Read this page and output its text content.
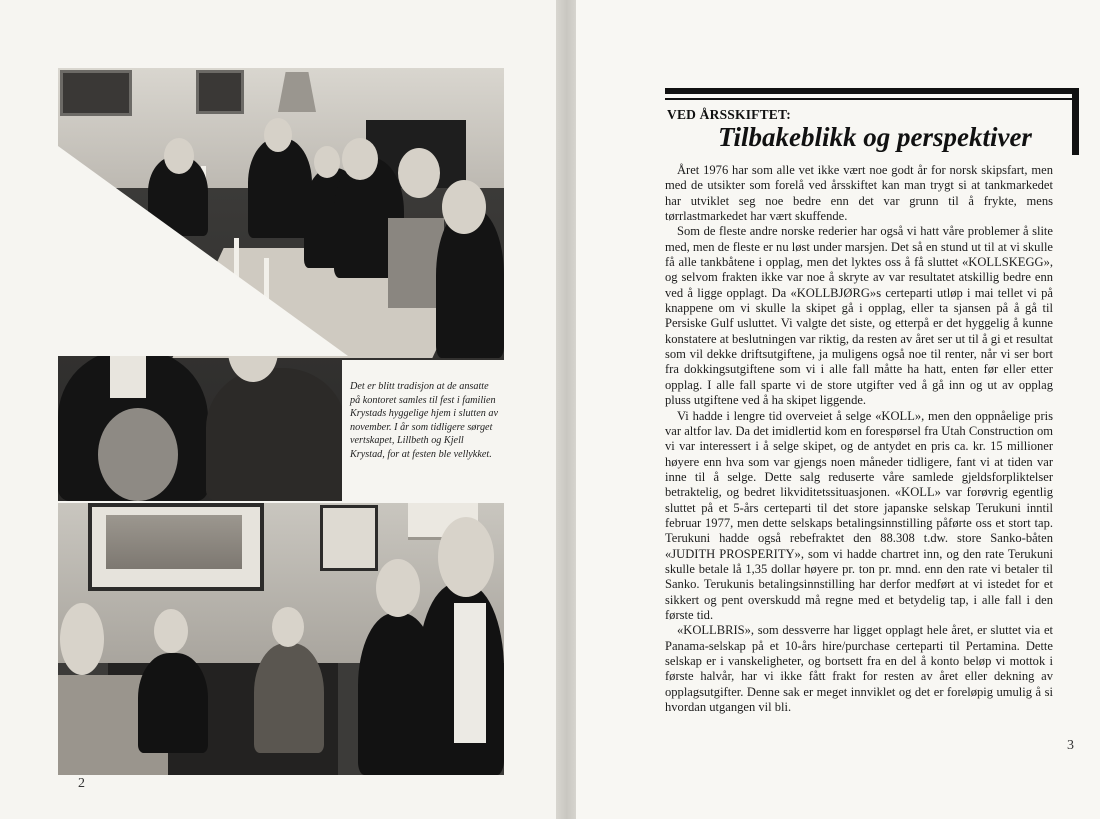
Det er blitt tradisjon at de ansatte på kontoret samles til fest i familien Krystads hyggelige hjem i slutten av november. I år som tidligere sørget vertskapet, Lillbeth og Kjell Krystad, for at festen ble vellykket.
2
VED ÅRSSKIFTET:
Tilbakeblikk og perspektiver

Året 1976 har som alle vet ikke vært noe godt år for norsk skipsfart, men med de utsikter som forelå ved årsskiftet kan man trygt si at tankmarkedet har utviklet seg noe bedre enn det var grunn til å frykte, mens tørrlastmarkedet har vært skuffende.

Som de fleste andre norske rederier har også vi hatt våre problemer å slite med, men de fleste er nu løst under marsjen. Det så en stund ut til at vi skulle få alle tankbåtene i opplag, men det lyktes oss å få sluttet «KOLLSKEGG», og selvom frakten ikke var noe å skryte av var resultatet atskillig bedre enn ved å ligge opplagt. Da «KOLLBJØRG»s certeparti utløp i mai tellet vi på knappene om vi skulle la skipet gå i opplag, eller ta sjansen på å gå til Persiske Gulf usluttet. Vi valgte det siste, og etterpå er det hyggelig å kunne konstatere at beslutningen var riktig, da resten av året ser ut til å gi et resultat som vil dekke driftsutgiftene, ja muligens også noe til renter, når vi ser bort fra dokkingsutgiftene som vi i alle fall måtte ha hatt, enten før eller etter opplag. I alle fall sparte vi de store utgifter ved å gå inn og ut av opplag pluss utgiftene ved å ha skipet liggende.

Vi hadde i lengre tid overveiet å selge «KOLL», men den oppnåelige pris var altfor lav. Da det imidlertid kom en forespørsel fra Utah Construction om vi var interessert i å selge skipet, og de antydet en pris ca. kr. 15 millioner høyere enn hva som var gjengs noen måneder tidligere, fant vi at tiden var inne til å selge. Dette salg reduserte våre samlede gjeldsforpliktelser betraktelig, og bedret likviditetssituasjonen. «KOLL» var forøvrig egentlig sluttet på et 5-års certeparti til det store japanske selskap Terukuni inntil februar 1977, men dette selskaps betalingsinnstilling påførte oss et stort tap. Terukuni hadde også rebefraktet den 88.308 t.dw. store Sanko-båten «JUDITH PROSPERITY», som vi hadde chartret inn, og den rate Terukuni skulle betale lå 1,35 dollar høyere pr. ton pr. mnd. enn den rate vi betaler til Sanko. Terukunis betalingsinnstilling har derfor medført at vi istedet for et sikkert og pent overskudd må regne med et betydelig tap, i alle fall i den første tid.

«KOLLBRIS», som dessverre har ligget opplagt hele året, er sluttet via et Panama-selskap på et 10-års hire/purchase certeparti til Pertamina. Dette selskap er i vanskeligheter, og bortsett fra en del å konto beløp vi mottok i første halvår, har vi ikke fått frakt for resten av året eller dekning av opplagsutgifter. Denne sak er meget innviklet og det er foreløpig umulig å si hvordan utgangen vil bli.

3
